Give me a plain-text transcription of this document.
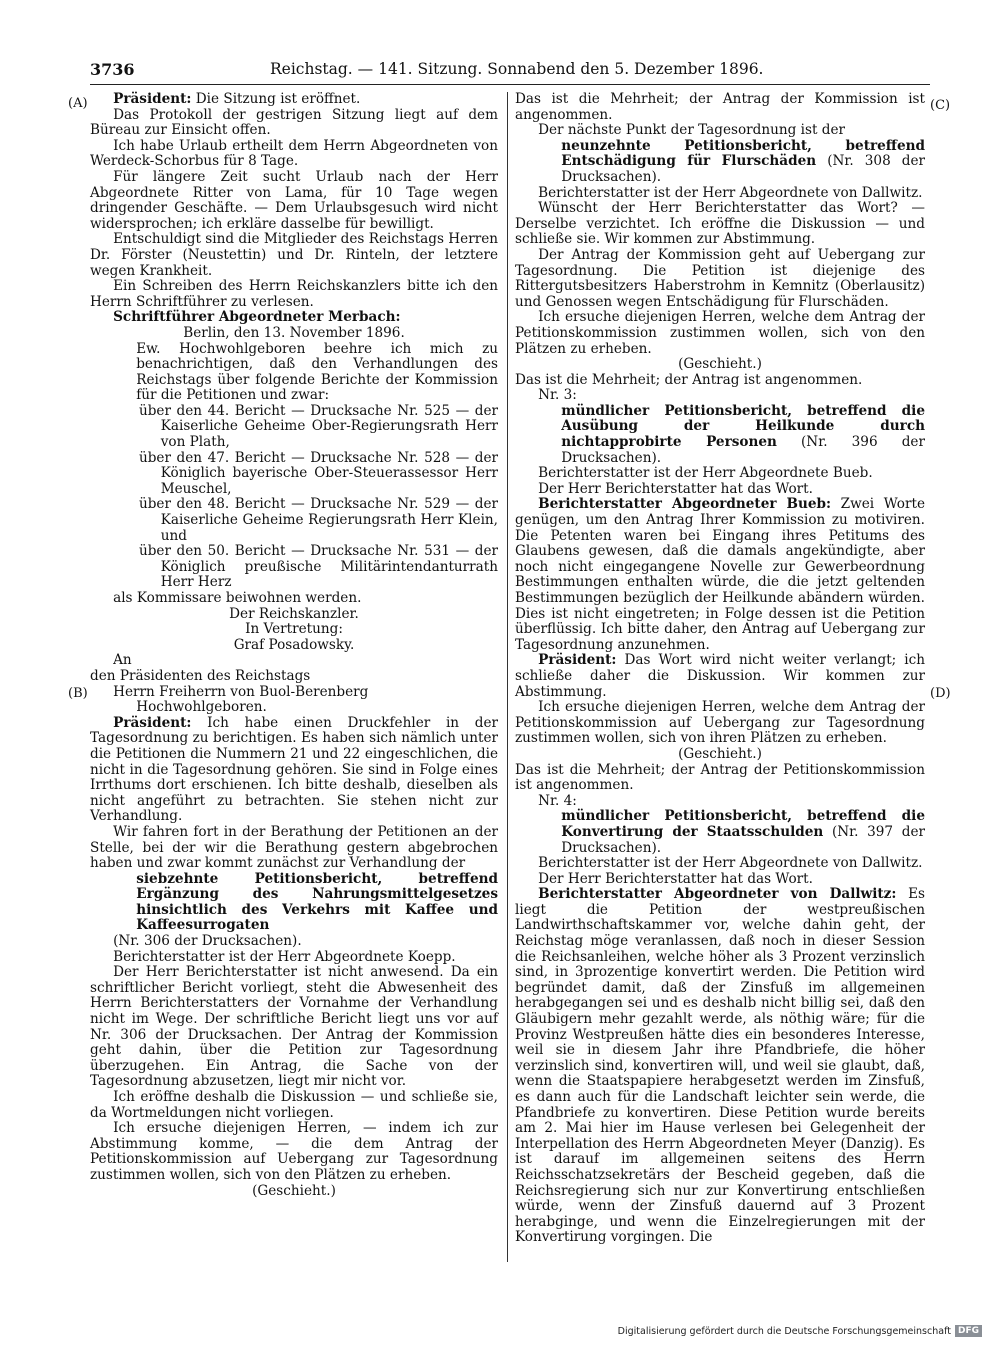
3736	Reichstag. — 141. Sitzung. Sonnabend den 5. Dezember 1896.
(A)
(B)
(C)
(D)

Präsident: Die Sitzung ist eröffnet.

Das Protokoll der gestrigen Sitzung liegt auf dem Büreau zur Einsicht offen.

Ich habe Urlaub ertheilt dem Herrn Abgeordneten von Werdeck-Schorbus für 8 Tage.

Für längere Zeit sucht Urlaub nach der Herr Abgeordnete Ritter von Lama, für 10 Tage wegen dringender Geschäfte. — Dem Urlaubsgesuch wird nicht widersprochen; ich erkläre dasselbe für bewilligt.

Entschuldigt sind die Mitglieder des Reichstags Herren Dr. Förster (Neustettin) und Dr. Rinteln, der letztere wegen Krankheit.

Ein Schreiben des Herrn Reichskanzlers bitte ich den Herrn Schriftführer zu verlesen.

Schriftführer Abgeordneter Merbach:

Berlin, den 13. November 1896.

Ew. Hochwohlgeboren beehre ich mich zu benachrichtigen, daß den Verhandlungen des Reichstags über folgende Berichte der Kommission für die Petitionen und zwar:

über den 44. Bericht — Drucksache Nr. 525 — der Kaiserliche Geheime Ober-Regierungsrath Herr von Plath,

über den 47. Bericht — Drucksache Nr. 528 — der Königlich bayerische Ober-Steuerassessor Herr Meuschel,

über den 48. Bericht — Drucksache Nr. 529 — der Kaiserliche Geheime Regierungsrath Herr Klein, und

über den 50. Bericht — Drucksache Nr. 531 — der Königlich preußische Militärintendanturrath Herr Herz

als Kommissare beiwohnen werden.

Der Reichskanzler.

In Vertretung:

Graf Posadowsky.

An

den Präsidenten des Reichstags

Herrn Freiherrn von Buol-Berenberg

Hochwohlgeboren.

Präsident: Ich habe einen Druckfehler in der Tagesordnung zu berichtigen. Es haben sich nämlich unter die Petitionen die Nummern 21 und 22 eingeschlichen, die nicht in die Tagesordnung gehören. Sie sind in Folge eines Irrthums dort erschienen. Ich bitte deshalb, dieselben als nicht angeführt zu betrachten. Sie stehen nicht zur Verhandlung.

Wir fahren fort in der Berathung der Petitionen an der Stelle, bei der wir die Berathung gestern abgebrochen haben und zwar kommt zunächst zur Verhandlung der

siebzehnte Petitionsbericht, betreffend Ergänzung des Nahrungsmittelgesetzes hinsichtlich des Verkehrs mit Kaffee und Kaffeesurrogaten

(Nr. 306 der Drucksachen).

Berichterstatter ist der Herr Abgeordnete Koepp.

Der Herr Berichterstatter ist nicht anwesend. Da ein schriftlicher Bericht vorliegt, steht die Abwesenheit des Herrn Berichterstatters der Vornahme der Verhandlung nicht im Wege. Der schriftliche Bericht liegt uns vor auf Nr. 306 der Drucksachen. Der Antrag der Kommission geht dahin, über die Petition zur Tagesordnung überzugehen. Ein Antrag, die Sache von der Tagesordnung abzusetzen, liegt mir nicht vor.

Ich eröffne deshalb die Diskussion — und schließe sie, da Wortmeldungen nicht vorliegen.

Ich ersuche diejenigen Herren, — indem ich zur Abstimmung komme, — die dem Antrag der Petitionskommission auf Uebergang zur Tagesordnung zustimmen wollen, sich von den Plätzen zu erheben.

(Geschieht.)

Das ist die Mehrheit; der Antrag der Kommission ist angenommen.

Der nächste Punkt der Tagesordnung ist der

neunzehnte Petitionsbericht, betreffend Entschädigung für Flurschäden (Nr. 308 der Drucksachen).

Berichterstatter ist der Herr Abgeordnete von Dallwitz.

Wünscht der Herr Berichterstatter das Wort? — Derselbe verzichtet. Ich eröffne die Diskussion — und schließe sie. Wir kommen zur Abstimmung.

Der Antrag der Kommission geht auf Uebergang zur Tagesordnung. Die Petition ist diejenige des Rittergutsbesitzers Haberstrohm in Kemnitz (Oberlausitz) und Genossen wegen Entschädigung für Flurschäden.

Ich ersuche diejenigen Herren, welche dem Antrag der Petitionskommission zustimmen wollen, sich von den Plätzen zu erheben.

(Geschieht.)

Das ist die Mehrheit; der Antrag ist angenommen.

Nr. 3:

mündlicher Petitionsbericht, betreffend die Ausübung der Heilkunde durch nichtapprobirte Personen (Nr. 396 der Drucksachen).

Berichterstatter ist der Herr Abgeordnete Bueb.

Der Herr Berichterstatter hat das Wort.

Berichterstatter Abgeordneter Bueb: Zwei Worte genügen, um den Antrag Ihrer Kommission zu motiviren. Die Petenten waren bei Eingang ihres Petitums des Glaubens gewesen, daß die damals angekündigte, aber noch nicht eingegangene Novelle zur Gewerbeordnung Bestimmungen enthalten würde, die die jetzt geltenden Bestimmungen bezüglich der Heilkunde abändern würden. Dies ist nicht eingetreten; in Folge dessen ist die Petition überflüssig. Ich bitte daher, den Antrag auf Uebergang zur Tagesordnung anzunehmen.

Präsident: Das Wort wird nicht weiter verlangt; ich schließe daher die Diskussion. Wir kommen zur Abstimmung.

Ich ersuche diejenigen Herren, welche dem Antrag der Petitionskommission auf Uebergang zur Tagesordnung zustimmen wollen, sich von ihren Plätzen zu erheben.

(Geschieht.)

Das ist die Mehrheit; der Antrag der Petitionskommission ist angenommen.

Nr. 4:

mündlicher Petitionsbericht, betreffend die Konvertirung der Staatsschulden (Nr. 397 der Drucksachen).

Berichterstatter ist der Herr Abgeordnete von Dallwitz.

Der Herr Berichterstatter hat das Wort.

Berichterstatter Abgeordneter von Dallwitz: Es liegt die Petition der westpreußischen Landwirthschaftskammer vor, welche dahin geht, der Reichstag möge veranlassen, daß noch in dieser Session die Reichsanleihen, welche höher als 3 Prozent verzinslich sind, in 3prozentige konvertirt werden. Die Petition wird begründet damit, daß der Zinsfuß im allgemeinen herabgegangen sei und es deshalb nicht billig sei, daß den Gläubigern mehr gezahlt werde, als nöthig wäre; für die Provinz Westpreußen hätte dies ein besonderes Interesse, weil sie in diesem Jahr ihre Pfandbriefe, die höher verzinslich sind, konvertiren will, und weil sie glaubt, daß, wenn die Staatspapiere herabgesetzt werden im Zinsfuß, es dann auch für die Landschaft leichter sein werde, die Pfandbriefe zu konvertiren. Diese Petition wurde bereits am 2. Mai hier im Hause verlesen bei Gelegenheit der Interpellation des Herrn Abgeordneten Meyer (Danzig). Es ist darauf im allgemeinen seitens des Herrn Reichsschatzsekretärs der Bescheid gegeben, daß die Reichsregierung sich nur zur Konvertirung entschließen würde, wenn der Zinsfuß dauernd auf 3 Prozent herabginge, und wenn die Einzelregierungen mit der Konvertirung vorgingen. Die

Digitalisierung gefördert durch die Deutsche Forschungsgemeinschaft DFG
